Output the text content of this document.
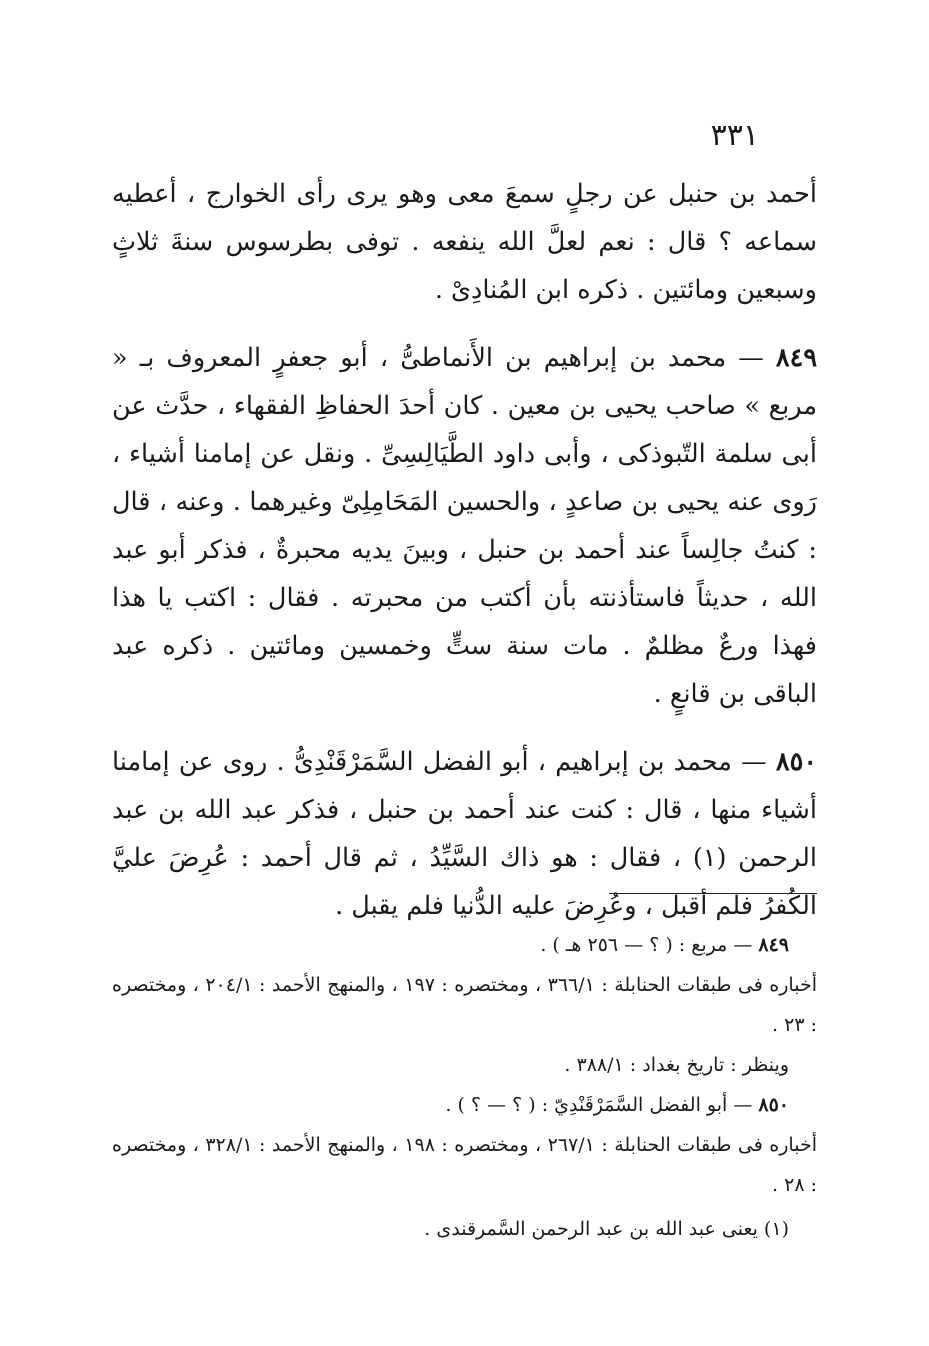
٣٣١

أحمد بن حنبل عن رجلٍ سمعَ معى وهو يرى رأى الخوارج ، أعطيه سماعه ؟ قال : نعم لعلَّ الله ينفعه . توفى بطرسوس سنةَ ثلاثٍ وسبعين ومائتين . ذكره ابن المُنادِىْ .

٨٤٩ — محمد بن إبراهيم بن الأَنماطىُّ ، أبو جعفرٍ المعروف بـ « مربع » صاحب يحيى بن معين . كان أحدَ الحفاظِ الفقهاء ، حدَّث عن أبى سلمة التّبوذكى ، وأبى داود الطَّيَالِسِىِّ . ونقل عن إمامنا أشياء ، رَوى عنه يحيى بن صاعدٍ ، والحسين المَحَامِلِىّ وغيرهما . وعنه ، قال : كنتُ جالِساً عند أحمد بن حنبل ، وبينَ يديه محبرةٌ ، فذكر أبو عبد الله ، حديثاً فاستأذنته بأن أكتب من محبرته . فقال : اكتب يا هذا فهذا ورعٌ مظلمٌ . مات سنة ستٍّ وخمسين ومائتين . ذكره عبد الباقى بن قانعٍ .

٨٥٠ — محمد بن إبراهيم ، أبو الفضل السَّمَرْقَنْدِىُّ . روى عن إمامنا أشياء منها ، قال : كنت عند أحمد بن حنبل ، فذكر عبد الله بن عبد الرحمن (١) ، فقال : هو ذاك السَّيِّدُ ، ثم قال أحمد : عُرِضَ عليَّ الكُفرُ فلم أقبل ، وعُرِضَ عليه الدُّنيا فلم يقبل .

٨٤٩ — مربع : ( ؟ — ٢٥٦ هـ ) .

أخباره فى طبقات الحنابلة : ٣٦٦/١ ، ومختصره : ١٩٧ ، والمنهج الأحمد : ٢٠٤/١ ، ومختصره : ٢٣ .

وينظر : تاريخ بغداد : ٣٨٨/١ .

٨٥٠ — أبو الفضل السَّمَرْقَنْدِيّ : ( ؟ — ؟ ) .

أخباره فى طبقات الحنابلة : ٢٦٧/١ ، ومختصره : ١٩٨ ، والمنهج الأحمد : ٣٢٨/١ ، ومختصره : ٢٨ .

(١) يعنى عبد الله بن عبد الرحمن السَّمرقندى .
